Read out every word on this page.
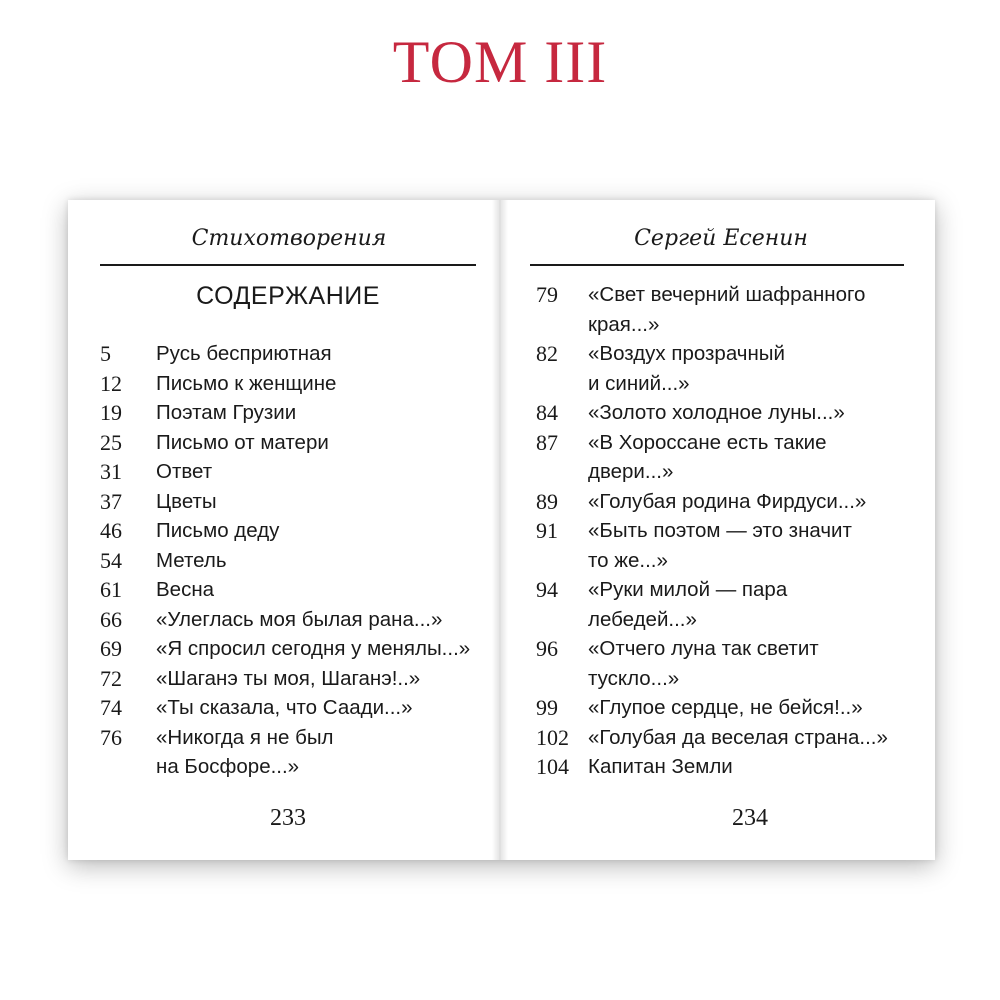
ТОМ III
Стихотворения
СОДЕРЖАНИЕ
5	Русь бесприютная
12	Письмо к женщине
19	Поэтам Грузии
25	Письмо от матери
31	Ответ
37	Цветы
46	Письмо деду
54	Метель
61	Весна
66	«Улеглась моя былая рана...»
69	«Я спросил сегодня у менялы...»
72	«Шаганэ ты моя, Шаганэ!..»
74	«Ты сказала, что Саади...»
76	«Никогда я не был
на Босфоре...»
233
Сергей Есенин
79	«Свет вечерний шафранного
края...»
82	«Воздух прозрачный
и синий...»
84	«Золото холодное луны...»
87	«В Хороссане есть такие
двери...»
89	«Голубая родина Фирдуси...»
91	«Быть поэтом — это значит
то же...»
94	«Руки милой — пара
лебедей...»
96	«Отчего луна так светит
тускло...»
99	«Глупое сердце, не бейся!..»
102 «Голубая да веселая страна...»
104 Капитан Земли
234
